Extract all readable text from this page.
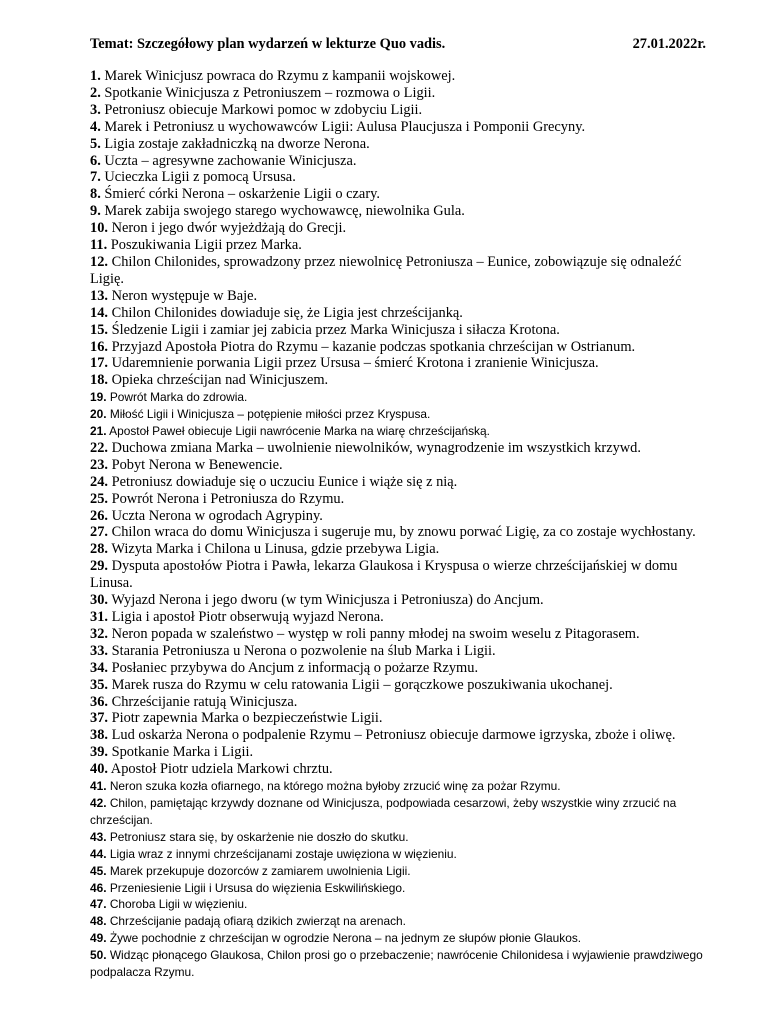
Temat: Szczegółowy plan wydarzeń w lekturze Quo vadis.	27.01.2022r.
1. Marek Winicjusz powraca do Rzymu z kampanii wojskowej.
2. Spotkanie Winicjusza z Petroniuszem – rozmowa o Ligii.
3. Petroniusz obiecuje Markowi pomoc w zdobyciu Ligii.
4. Marek i Petroniusz u wychowawców Ligii: Aulusa Plaucjusza i Pomponii Grecyny.
5. Ligia zostaje zakładniczką na dworze Nerona.
6. Uczta – agresywne zachowanie Winicjusza.
7. Ucieczka Ligii z pomocą Ursusa.
8. Śmierć córki Nerona – oskarżenie Ligii o czary.
9. Marek zabija swojego starego wychowawcę, niewolnika Gula.
10. Neron i jego dwór wyjeżdżają do Grecji.
11. Poszukiwania Ligii przez Marka.
12. Chilon Chilonides, sprowadzony przez niewolnicę Petroniusza – Eunice, zobowiązuje się odnaleźć Ligię.
13. Neron występuje w Baje.
14. Chilon Chilonides dowiaduje się, że Ligia jest chrześcijanką.
15. Śledzenie Ligii i zamiar jej zabicia przez Marka Winicjusza i siłacza Krotona.
16. Przyjazd Apostoła Piotra do Rzymu – kazanie podczas spotkania chrześcijan w Ostrianum.
17. Udaremnienie porwania Ligii przez Ursusa – śmierć Krotona i zranienie Winicjusza.
18. Opieka chrześcijan nad Winicjuszem.
19. Powrót Marka do zdrowia.
20. Miłość Ligii i Winicjusza – potępienie miłości przez Kryspusa.
21. Apostoł Paweł obiecuje Ligii nawrócenie Marka na wiarę chrześcijańską.
22. Duchowa zmiana Marka – uwolnienie niewolników, wynagrodzenie im wszystkich krzywd.
23. Pobyt Nerona w Benewencie.
24. Petroniusz dowiaduje się o uczuciu Eunice i wiąże się z nią.
25. Powrót Nerona i Petroniusza do Rzymu.
26. Uczta Nerona w ogrodach Agrypiny.
27. Chilon wraca do domu Winicjusza i sugeruje mu, by znowu porwać Ligię, za co zostaje wychłostany.
28. Wizyta Marka i Chilona u Linusa, gdzie przebywa Ligia.
29. Dysputa apostołów Piotra i Pawła, lekarza Glaukosa i Kryspusa o wierze chrześcijańskiej w domu Linusa.
30. Wyjazd Nerona i jego dworu (w tym Winicjusza i Petroniusza) do Ancjum.
31. Ligia i apostoł Piotr obserwują wyjazd Nerona.
32. Neron popada w szaleństwo – występ w roli panny młodej na swoim weselu z Pitagorasem.
33. Starania Petroniusza u Nerona o pozwolenie na ślub Marka i Ligii.
34. Posłaniec przybywa do Ancjum z informacją o pożarze Rzymu.
35. Marek rusza do Rzymu w celu ratowania Ligii – gorączkowe poszukiwania ukochanej.
36. Chrześcijanie ratują Winicjusza.
37. Piotr zapewnia Marka o bezpieczeństwie Ligii.
38. Lud oskarża Nerona o podpalenie Rzymu – Petroniusz obiecuje darmowe igrzyska, zboże i oliwę.
39. Spotkanie Marka i Ligii.
40. Apostoł Piotr udziela Markowi chrztu.
41. Neron szuka kozła ofiarnego, na którego można byłoby zrzucić winę za pożar Rzymu.
42. Chilon, pamiętając krzywdy doznane od Winicjusza, podpowiada cesarzowi, żeby wszystkie winy zrzucić na chrześcijan.
43. Petroniusz stara się, by oskarżenie nie doszło do skutku.
44. Ligia wraz z innymi chrześcijanami zostaje uwięziona w więzieniu.
45. Marek przekupuje dozorców z zamiarem uwolnienia Ligii.
46. Przeniesienie Ligii i Ursusa do więzienia Eskwilińskiego.
47. Choroba Ligii w więzieniu.
48. Chrześcijanie padają ofiarą dzikich zwierząt na arenach.
49. Żywe pochodnie z chrześcijan w ogrodzie Nerona – na jednym ze słupów płonie Glaukos.
50. Widząc płonącego Glaukosa, Chilon prosi go o przebaczenie; nawrócenie Chilonidesa i wyjawienie prawdziwego podpalacza Rzymu.
